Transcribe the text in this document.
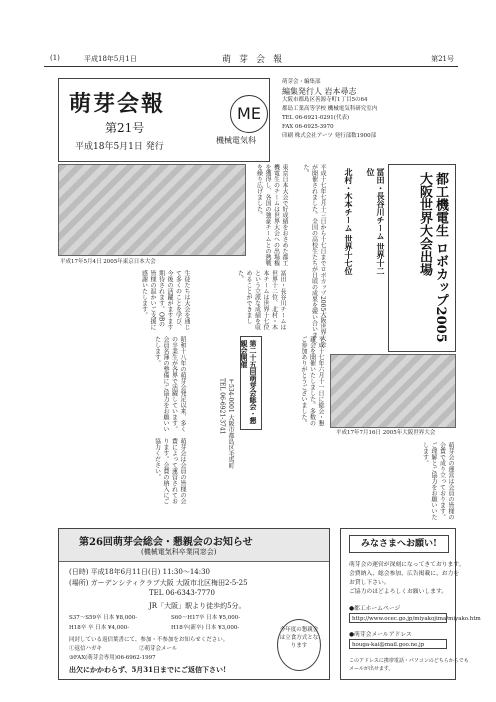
(1)	平成18年5月1日	萌芽会報	第21号
萌芽会報
第21号
平成18年5月1日 発行
ME
機械電気科
萌芽会・編集部
編集発行人 岩本尋志
大阪市都島区善源寺町1丁目5の64
都島工業高等学校 機械電気科研究室内
TEL 06-6921-0291(代表)
FAX 06-6925-3970
印刷 株式会社アーツ 発行部数1900部
平成17年5月4日 2005年東京日本大会	都工機電生 ロボカップ2005 大阪世界大会出場
冨田・長谷川チーム 世界十二位
北村・木本チーム 世界十七位
平成十七年七月十三日から十七日までロボカップ2005大阪世界大会が開催されました。全国の高校生たちが日頃の成果を競い合いました。
東京日本大会で好成績をおさめた都工機電生のチームは世界大会への出場権を獲得し、各国の強豪チームとの熱戦を繰り広げました。
冨田・長谷川チームは世界十二位、北村・木本チームは世界十七位という立派な成績を収めることができました。
生徒たちは大会を通じて多くのことを学び、今後の活躍がますます期待されます。OBの皆様の温かいご支援に感謝いたします。
平成17年7月16日 2005年大阪世界大会
第二十五回萌芽会総会・懇親会開催	平成十七年六月十一日に総会・懇親会を開催いたしました。多数のご参加ありがとうございました。
〒534-0001 大阪市都島区毛馬町 TEL 06-6921-3741
昭和十八年の萌芽会発足以来、多くの卒業生が各界で活躍しています。会員名簿の整備にご協力をお願いいたします。
萌芽会は会員の皆様の会費によって運営されております。会費の納入にご協力ください。	萌芽会の運営は会員の皆様の会費で成り立っております。ご理解とご協力をお願いいたします。
第26回萌芽会総会・懇親会のお知らせ
(機械電気科卒業同窓会)
(日時) 平成18年6月11日(日) 11:30〜14:30
(場所) ガーデンシティクラブ大阪 大阪市北区梅田2-5-25
TEL 06-6343-7770
JR「大阪」駅より徒歩約5分。
S37〜S59卒 日本 ¥8,000-	S60〜H17卒 日本 ¥5,000-
H18卒 卒 日本 ¥4,000-	H18卒(新卒) 日本 ¥3,000-	今年度の懇親会は立食方式となります
同封している返信葉書にて、参加・不参加をお知らせください。
①返信ハガキ	②萌芽会メール
③FAX(萌芽会専用)06-6962-1997
出欠にかかわらず、5月31日までにご返信下さい!
みなさまへお願い!
萌芽会の運営が深刻になってきております。
会費納入、総会参加、広告掲載に、お力を
お貸し下さい。
ご協力のほどよろしくお願いします。
●都工ホームページ
http://www.ocec.go.jp/miyakojima/miyako.htm
●萌芽会メールアドレス
houga-kai@mail.goo.ne.jp
このアドレスに携帯電話・パソコンのどちらからでも
メールが出せます。
